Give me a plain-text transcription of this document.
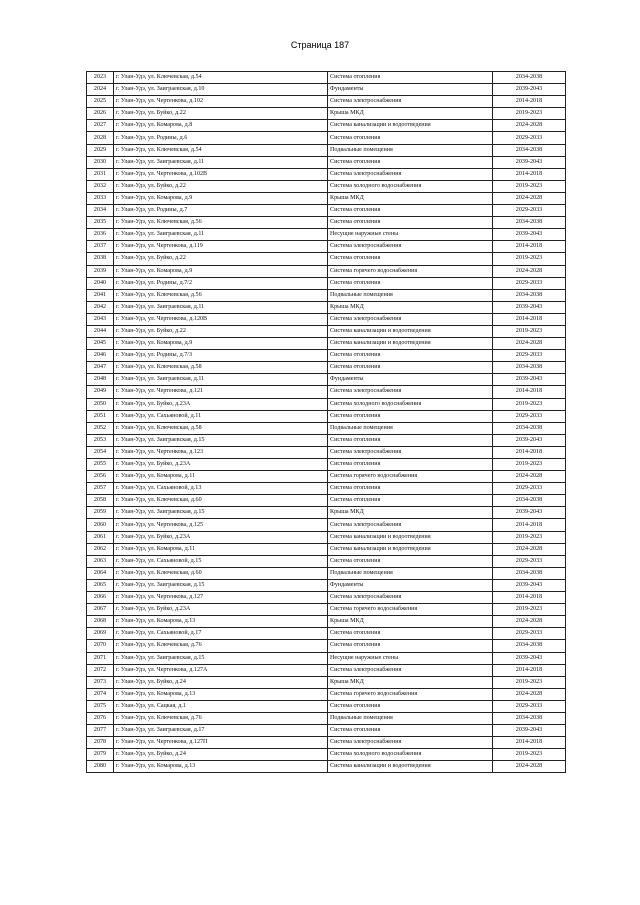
Страница 187
2023	г. Улан-Удэ, ул. Ключевская, д.54	Система отопления	2034-2038
2024	г. Улан-Удэ, ул. Заиграевская, д.10	Фундаменты	2039-2043
2025	г. Улан-Удэ, ул. Чертенкова, д.102	Система электроснабжения	2014-2018
2026	г. Улан-Удэ, ул. Буйко, д.22	Крыша МКД	2019-2023
2027	г. Улан-Удэ, ул. Комарова, д.8	Система канализации и водоотведения	2024-2028
2028	г. Улан-Удэ, ул. Родины, д.6	Система отопления	2029-2033
2029	г. Улан-Удэ, ул. Ключевская, д.54	Подвальные помещения	2034-2038
2030	г. Улан-Удэ, ул. Заиграевская, д.11	Система отопления	2039-2043
2031	г. Улан-Удэ, ул. Чертенкова, д.102В	Система электроснабжения	2014-2018
2032	г. Улан-Удэ, ул. Буйко, д.22	Система холодного водоснабжения	2019-2023
2033	г. Улан-Удэ, ул. Комарова, д.9	Крыша МКД	2024-2028
2034	г. Улан-Удэ, ул. Родины, д.7	Система отопления	2029-2033
2035	г. Улан-Удэ, ул. Ключевская, д.56	Система отопления	2034-2038
2036	г. Улан-Удэ, ул. Заиграевская, д.11	Несущие наружные стены	2039-2043
2037	г. Улан-Удэ, ул. Чертенкова, д.119	Система электроснабжения	2014-2018
2038	г. Улан-Удэ, ул. Буйко, д.22	Система отопления	2019-2023
2039	г. Улан-Удэ, ул. Комарова, д.9	Система горячего водоснабжения	2024-2028
2040	г. Улан-Удэ, ул. Родины, д.7/2	Система отопления	2029-2033
2041	г. Улан-Удэ, ул. Ключевская, д.56	Подвальные помещения	2034-2038
2042	г. Улан-Удэ, ул. Заиграевская, д.11	Крыша МКД	2039-2043
2043	г. Улан-Удэ, ул. Чертенкова, д.120В	Система электроснабжения	2014-2018
2044	г. Улан-Удэ, ул. Буйко, д.22	Система канализации и водоотведения	2019-2023
2045	г. Улан-Удэ, ул. Комарова, д.9	Система канализации и водоотведения	2024-2028
2046	г. Улан-Удэ, ул. Родины, д.7/3	Система отопления	2029-2033
2047	г. Улан-Удэ, ул. Ключевская, д.58	Система отопления	2034-2038
2048	г. Улан-Удэ, ул. Заиграевская, д.11	Фундаменты	2039-2043
2049	г. Улан-Удэ, ул. Чертенкова, д.121	Система электроснабжения	2014-2018
2050	г. Улан-Удэ, ул. Буйко, д.23А	Система холодного водоснабжения	2019-2023
2051	г. Улан-Удэ, ул. Сахьяновой, д.11	Система отопления	2029-2033
2052	г. Улан-Удэ, ул. Ключевская, д.58	Подвальные помещения	2034-2038
2053	г. Улан-Удэ, ул. Заиграевская, д.15	Система отопления	2039-2043
2054	г. Улан-Удэ, ул. Чертенкова, д.123	Система электроснабжения	2014-2018
2055	г. Улан-Удэ, ул. Буйко, д.23А	Система отопления	2019-2023
2056	г. Улан-Удэ, ул. Комарова, д.11	Система горячего водоснабжения	2024-2028
2057	г. Улан-Удэ, ул. Сахьяновой, д.13	Система отопления	2029-2033
2058	г. Улан-Удэ, ул. Ключевская, д.60	Система отопления	2034-2038
2059	г. Улан-Удэ, ул. Заиграевская, д.15	Крыша МКД	2039-2043
2060	г. Улан-Удэ, ул. Чертенкова, д.125	Система электроснабжения	2014-2018
2061	г. Улан-Удэ, ул. Буйко, д.23А	Система канализации и водоотведения	2019-2023
2062	г. Улан-Удэ, ул. Комарова, д.11	Система канализации и водоотведения	2024-2028
2063	г. Улан-Удэ, ул. Сахьяновой, д.15	Система отопления	2029-2033
2064	г. Улан-Удэ, ул. Ключевская, д.60	Подвальные помещения	2034-2038
2065	г. Улан-Удэ, ул. Заиграевская, д.15	Фундаменты	2039-2043
2066	г. Улан-Удэ, ул. Чертенкова, д.127	Система электроснабжения	2014-2018
2067	г. Улан-Удэ, ул. Буйко, д.23А	Система горячего водоснабжения	2019-2023
2068	г. Улан-Удэ, ул. Комарова, д.13	Крыша МКД	2024-2028
2069	г. Улан-Удэ, ул. Сахьяновой, д.17	Система отопления	2029-2033
2070	г. Улан-Удэ, ул. Ключевская, д.76	Система отопления	2034-2038
2071	г. Улан-Удэ, ул. Заиграевская, д.15	Несущие наружные стены	2039-2043
2072	г. Улан-Удэ, ул. Чертенкова, д.127А	Система электроснабжения	2014-2018
2073	г. Улан-Удэ, ул. Буйко, д.24	Крыша МКД	2019-2023
2074	г. Улан-Удэ, ул. Комарова, д.13	Система горячего водоснабжения	2024-2028
2075	г. Улан-Удэ, ул. Сацкая, д.1	Система отопления	2029-2033
2076	г. Улан-Удэ, ул. Ключевская, д.76	Подвальные помещения	2034-2038
2077	г. Улан-Удэ, ул. Заиграевская, д.17	Система отопления	2039-2043
2078	г. Улан-Удэ, ул. Чертенкова, д.127П	Система электроснабжения	2014-2018
2079	г. Улан-Удэ, ул. Буйко, д.24	Система холодного водоснабжения	2019-2023
2080	г. Улан-Удэ, ул. Комарова, д.13	Система канализации и водоотведения	2024-2028
